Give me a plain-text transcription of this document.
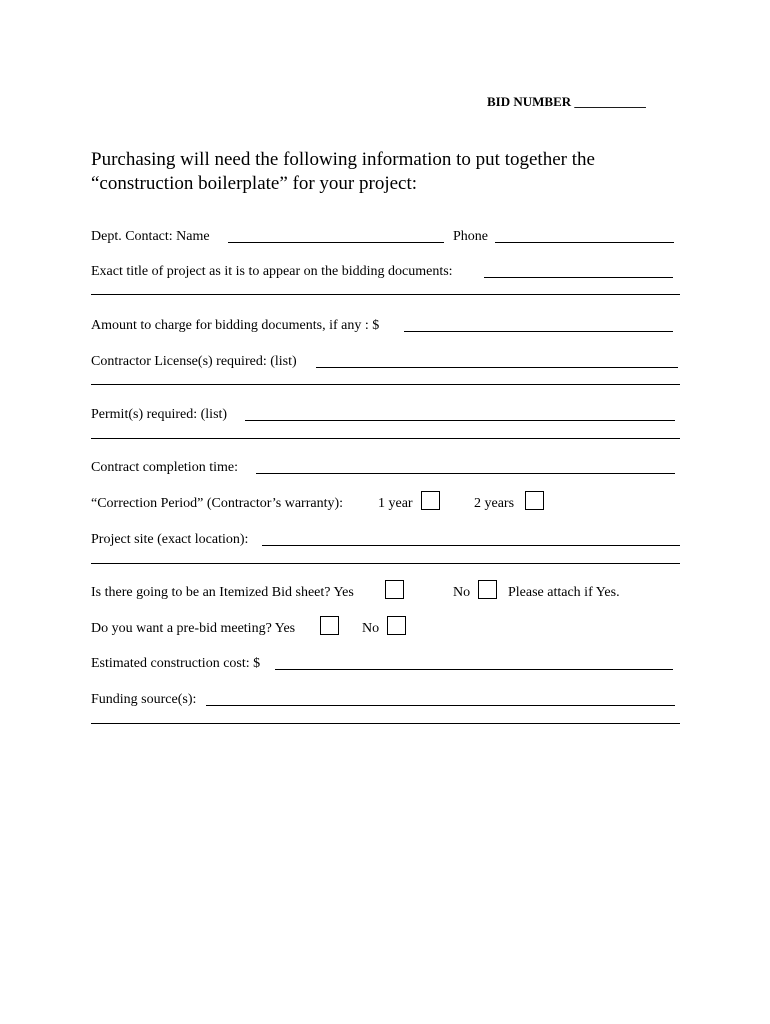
BID NUMBER ___________
Purchasing will need the following information to put together the
“construction boilerplate” for your project:
Dept. Contact: Name	Phone
Exact title of project as it is to appear on the bidding documents:
Amount to charge for bidding documents, if any : $
Contractor License(s) required: (list)
Permit(s) required: (list)
Contract completion time:
“Correction Period” (Contractor’s warranty): 1 year	2 years
Project site (exact location):
Is there going to be an Itemized Bid sheet? Yes	No	Please attach if Yes.
Do you want a pre-bid meeting? Yes	No
Estimated construction cost: $
Funding source(s):
